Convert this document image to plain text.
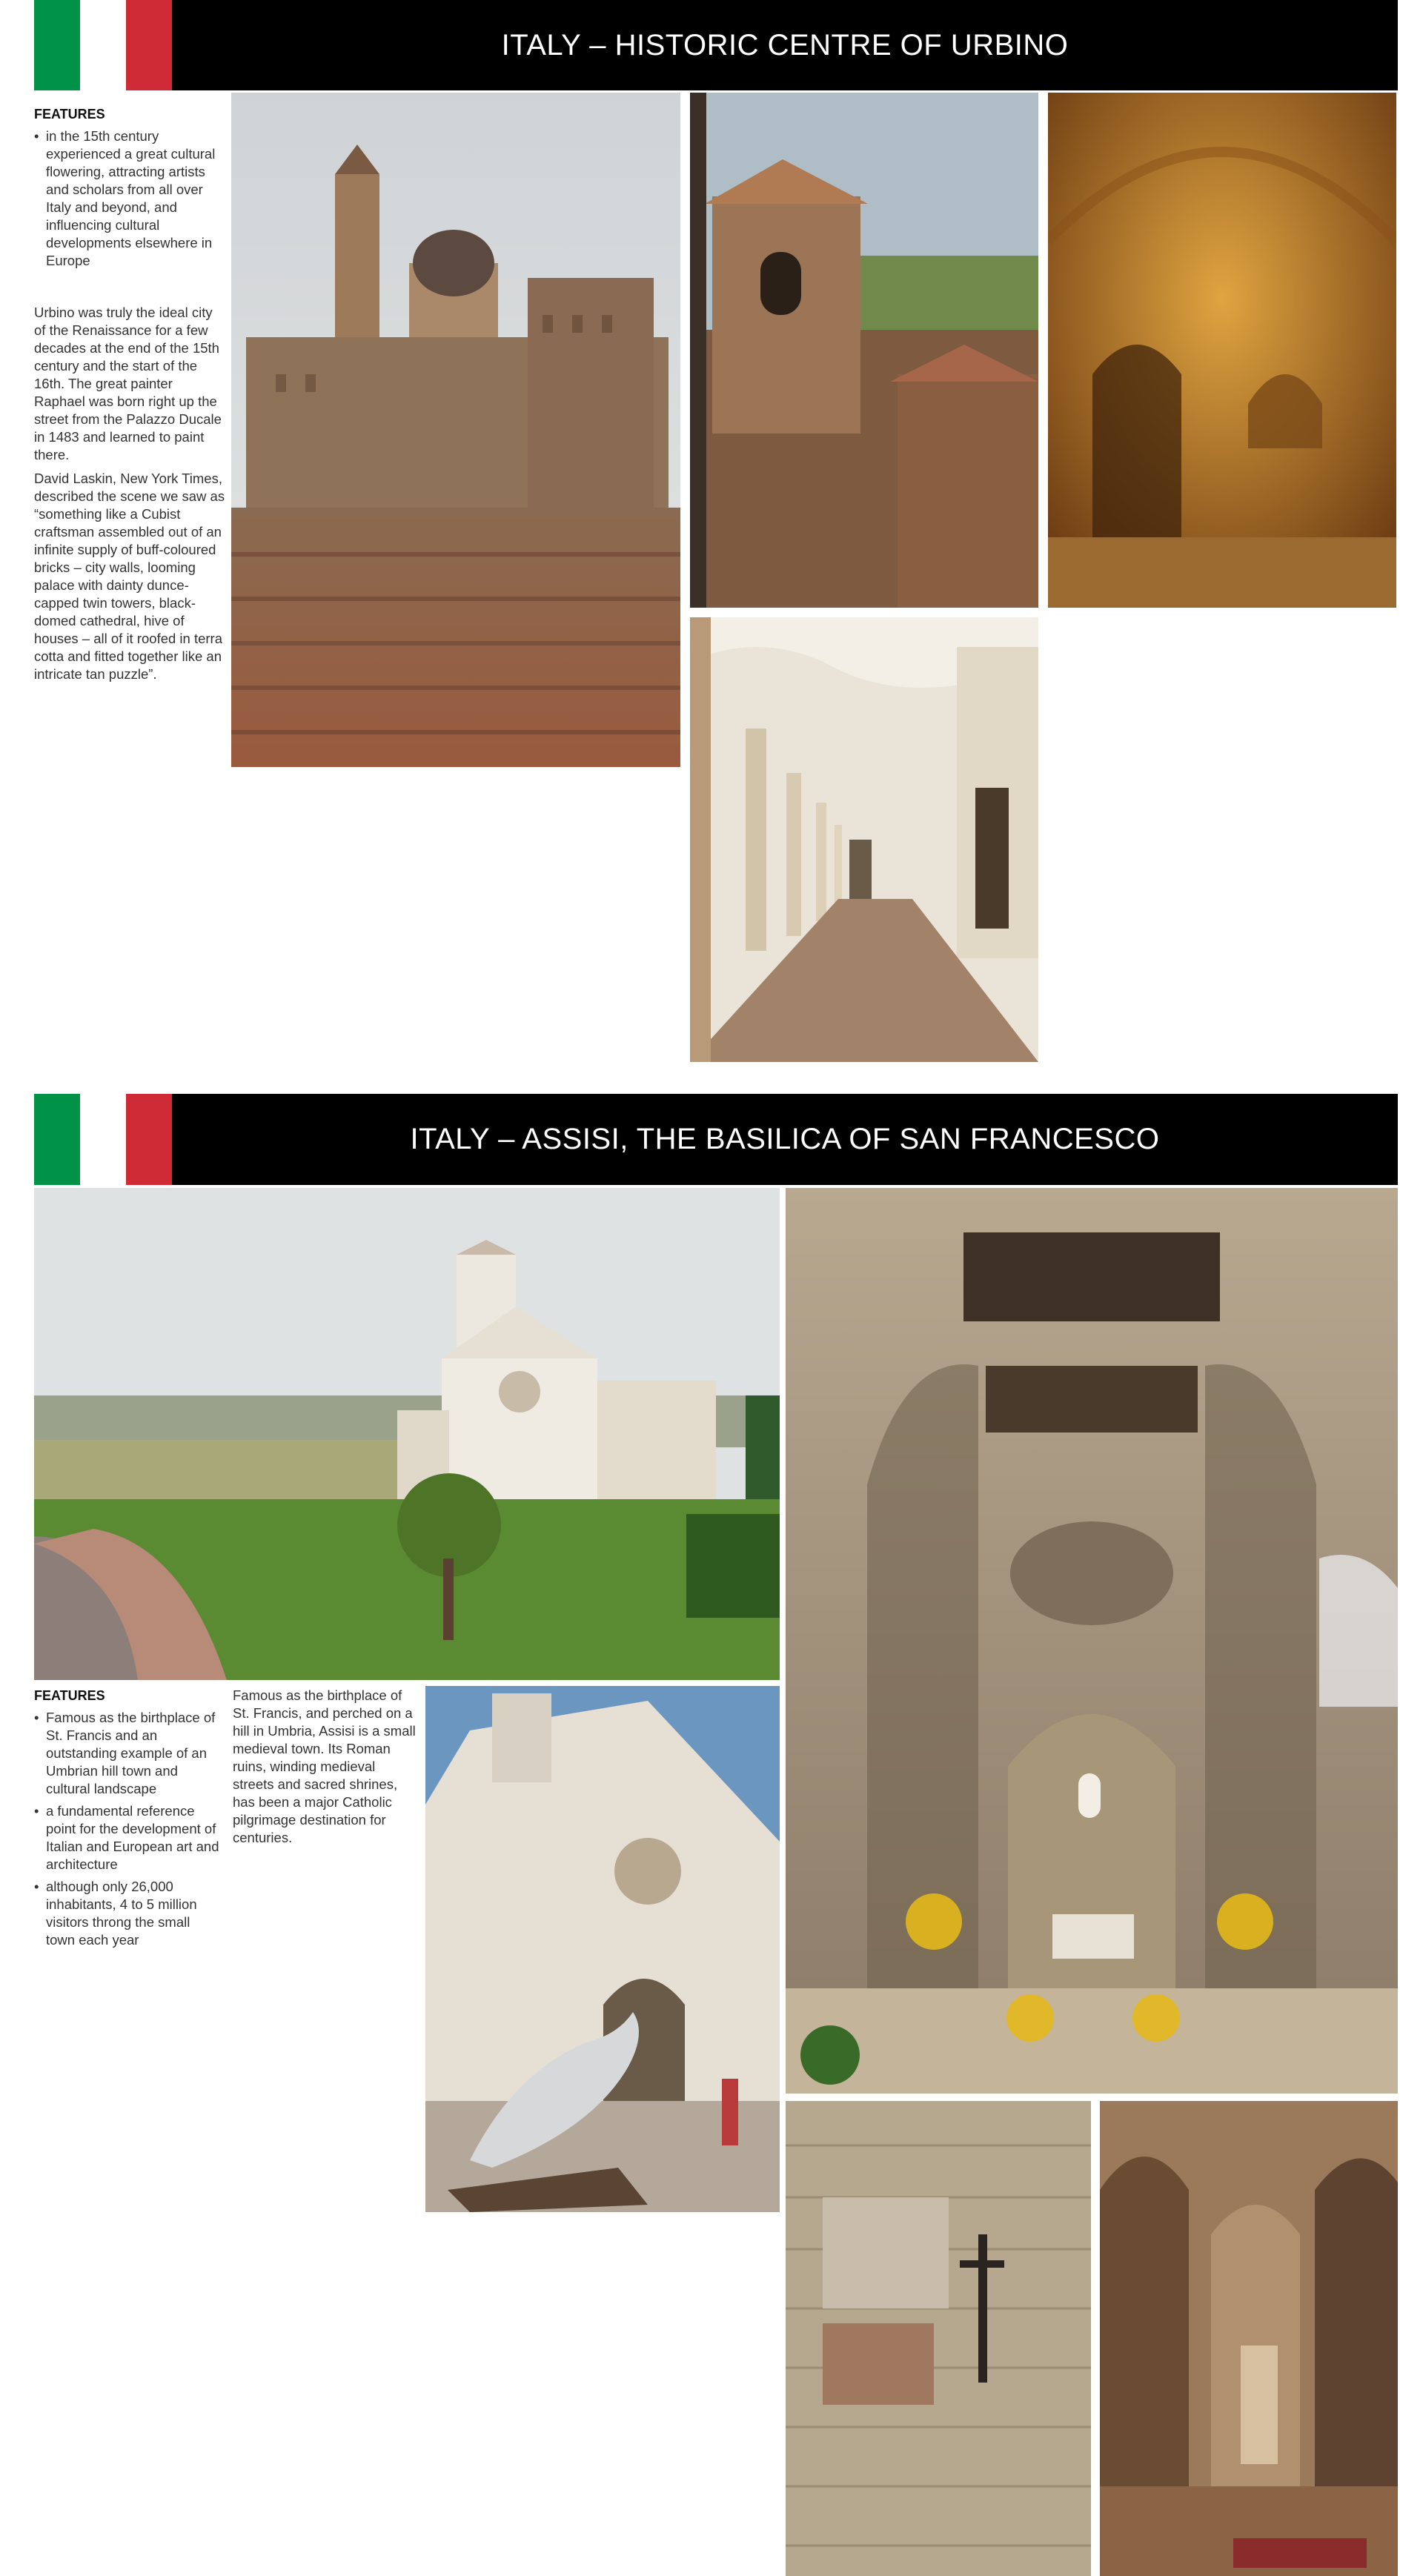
ITALY – HISTORIC CENTRE OF URBINO
FEATURES
• in the 15th century experienced a great cultural flowering, attracting artists and scholars from all over Italy and beyond, and influencing cultural developments elsewhere in Europe

Urbino was truly the ideal city of the Renaissance for a few decades at the end of the 15th century and the start of the 16th. The great painter Raphael was born right up the street from the Palazzo Ducale in 1483 and learned to paint there.

David Laskin, New York Times, described the scene we saw as “something like a Cubist craftsman assembled out of an infinite supply of buff-coloured bricks – city walls, looming palace with dainty dunce-capped twin towers, black-domed cathedral, hive of houses – all of it roofed in terra cotta and fitted together like an intricate tan puzzle”.

ITALY – ASSISI, THE BASILICA OF SAN FRANCESCO
FEATURES
• Famous as the birthplace of St. Francis and an outstanding example of an Umbrian hill town and cultural landscape
• a fundamental reference point for the development of Italian and European art and architecture
• although only 26,000 inhabitants, 4 to 5 million visitors throng the small town each year

Famous as the birthplace of St. Francis, and perched on a hill in Umbria, Assisi is a small medieval town. Its Roman ruins, winding medieval streets and sacred shrines, has been a major Catholic pilgrimage destination for centuries.
